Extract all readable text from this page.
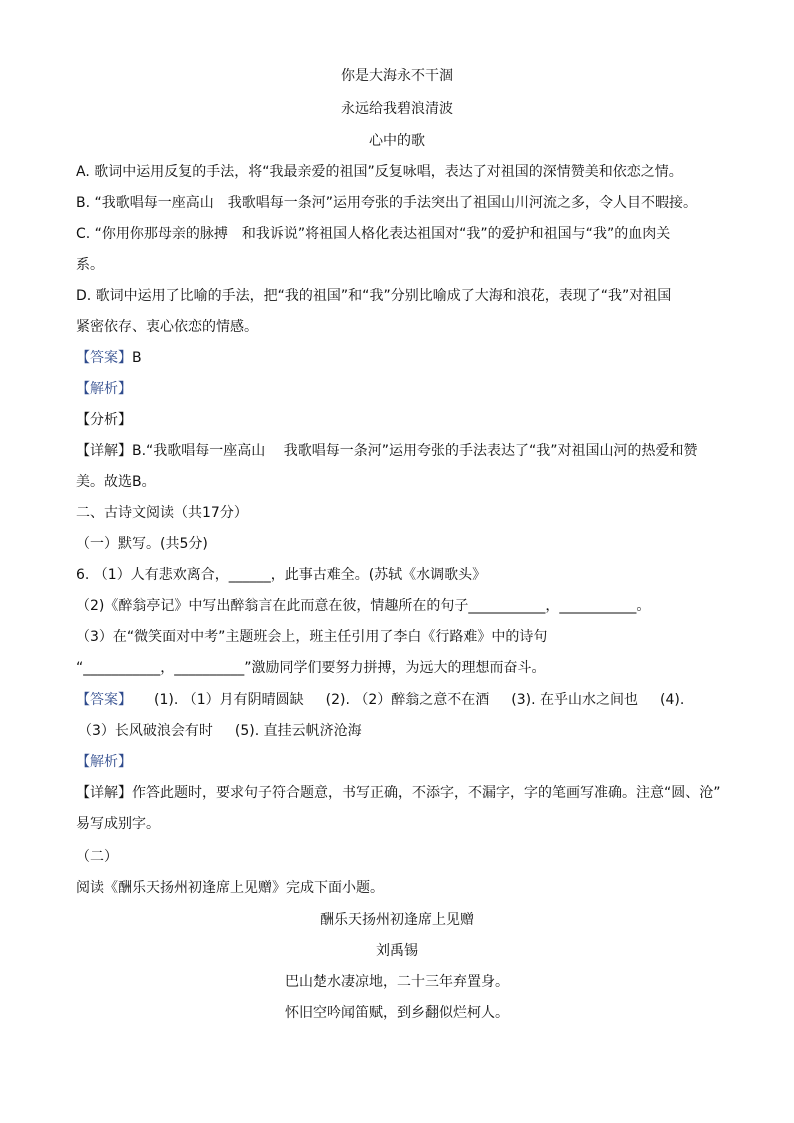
你是大海永不干涸
永远给我碧浪清波
心中的歌
A. 歌词中运用反复的手法，将“我最亲爱的祖国”反复咏唱，表达了对祖国的深情赞美和依恋之情。
B. “我歌唱每一座高山　我歌唱每一条河”运用夸张的手法突出了祖国山川河流之多，令人目不暇接。
C. “你用你那母亲的脉搏　和我诉说”将祖国人格化表达祖国对“我”的爱护和祖国与“我”的血肉关
系。
D. 歌词中运用了比喻的手法，把“我的祖国”和“我”分别比喻成了大海和浪花，表现了“我”对祖国
紧密依存、衷心依恋的情感。
【答案】B
【解析】
【分析】
【详解】B.“我歌唱每一座高山　 我歌唱每一条河”运用夸张的手法表达了“我”对祖国山河的热爱和赞
美。故选B。
二、古诗文阅读（共17分）
（一）默写。(共5分)
6. （1）人有悲欢离合，______，此事古难全。(苏轼《水调歌头》
（2)《醉翁亭记》中写出醉翁言在此而意在彼，情趣所在的句子___________，___________。
（3）在“微笑面对中考”主题班会上，班主任引用了李白《行路难》中的诗句
“___________，__________”激励同学们要努力拼搏，为远大的理想而奋斗。
【答案】 (1). （1）月有阴晴圆缺 (2). （2）醉翁之意不在酒 (3). 在乎山水之间也 (4).
（3）长风破浪会有时 (5). 直挂云帆济沧海
【解析】
【详解】作答此题时，要求句子符合题意，书写正确，不添字，不漏字，字的笔画写准确。注意“圆、沧”
易写成别字。
（二）
阅读《酬乐天扬州初逢席上见赠》完成下面小题。
酬乐天扬州初逢席上见赠
刘禹锡
巴山楚水凄凉地，二十三年弃置身。
怀旧空吟闻笛赋，到乡翻似烂柯人。
